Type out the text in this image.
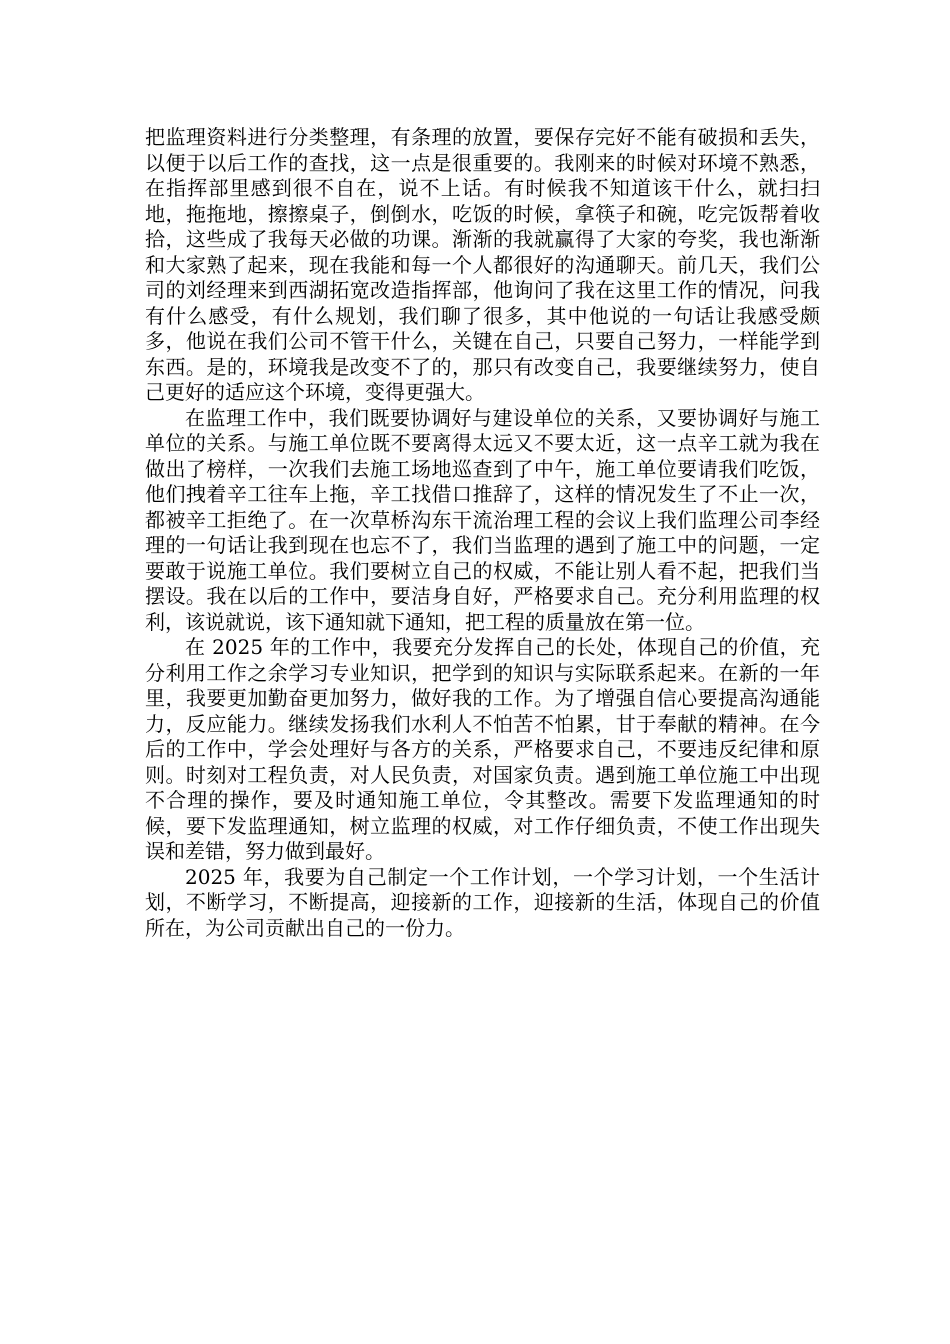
把监理资料进行分类整理，有条理的放置，要保存完好不能有破损和丢失，以便于以后工作的查找，这一点是很重要的。我刚来的时候对环境不熟悉，在指挥部里感到很不自在，说不上话。有时候我不知道该干什么，就扫扫地，拖拖地，擦擦桌子，倒倒水，吃饭的时候，拿筷子和碗，吃完饭帮着收拾，这些成了我每天必做的功课。渐渐的我就赢得了大家的夸奖，我也渐渐和大家熟了起来，现在我能和每一个人都很好的沟通聊天。前几天，我们公司的刘经理来到西湖拓宽改造指挥部，他询问了我在这里工作的情况，问我有什么感受，有什么规划，我们聊了很多，其中他说的一句话让我感受颇多，他说在我们公司不管干什么，关键在自己，只要自己努力，一样能学到东西。是的，环境我是改变不了的，那只有改变自己，我要继续努力，使自己更好的适应这个环境，变得更强大。

在监理工作中，我们既要协调好与建设单位的关系，又要协调好与施工单位的关系。与施工单位既不要离得太远又不要太近，这一点辛工就为我在做出了榜样，一次我们去施工场地巡查到了中午，施工单位要请我们吃饭，他们拽着辛工往车上拖，辛工找借口推辞了，这样的情况发生了不止一次，都被辛工拒绝了。在一次草桥沟东干流治理工程的会议上我们监理公司李经理的一句话让我到现在也忘不了，我们当监理的遇到了施工中的问题，一定要敢于说施工单位。我们要树立自己的权威，不能让别人看不起，把我们当摆设。我在以后的工作中，要洁身自好，严格要求自己。充分利用监理的权利，该说就说，该下通知就下通知，把工程的质量放在第一位。

在 2025 年的工作中，我要充分发挥自己的长处，体现自己的价值，充分利用工作之余学习专业知识，把学到的知识与实际联系起来。在新的一年里，我要更加勤奋更加努力，做好我的工作。为了增强自信心要提高沟通能力，反应能力。继续发扬我们水利人不怕苦不怕累，甘于奉献的精神。在今后的工作中，学会处理好与各方的关系，严格要求自己，不要违反纪律和原则。时刻对工程负责，对人民负责，对国家负责。遇到施工单位施工中出现不合理的操作，要及时通知施工单位，令其整改。需要下发监理通知的时候，要下发监理通知，树立监理的权威，对工作仔细负责，不使工作出现失误和差错，努力做到最好。

2025 年，我要为自己制定一个工作计划，一个学习计划，一个生活计划，不断学习，不断提高，迎接新的工作，迎接新的生活，体现自己的价值所在，为公司贡献出自己的一份力。
